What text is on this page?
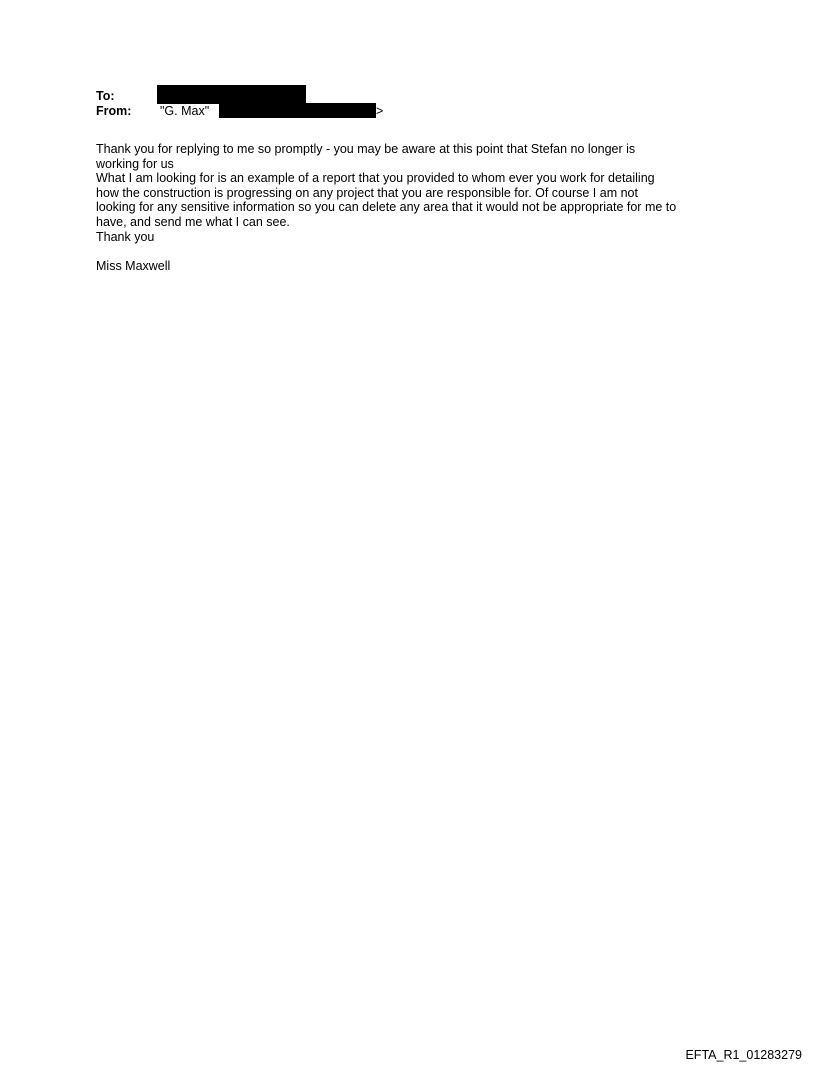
To:
From: "G. Max"	>

Thank you for replying to me so promptly - you may be aware at this point that Stefan no longer is
working for us

What I am looking for is an example of a report that you provided to whom ever you work for detailing
how the construction is progressing on any project that you are responsible for. Of course I am not
looking for any sensitive information so you can delete any area that it would not be appropriate for me to
have, and send me what I can see.

Thank you

Miss Maxwell

EFTA_R1_01283279
